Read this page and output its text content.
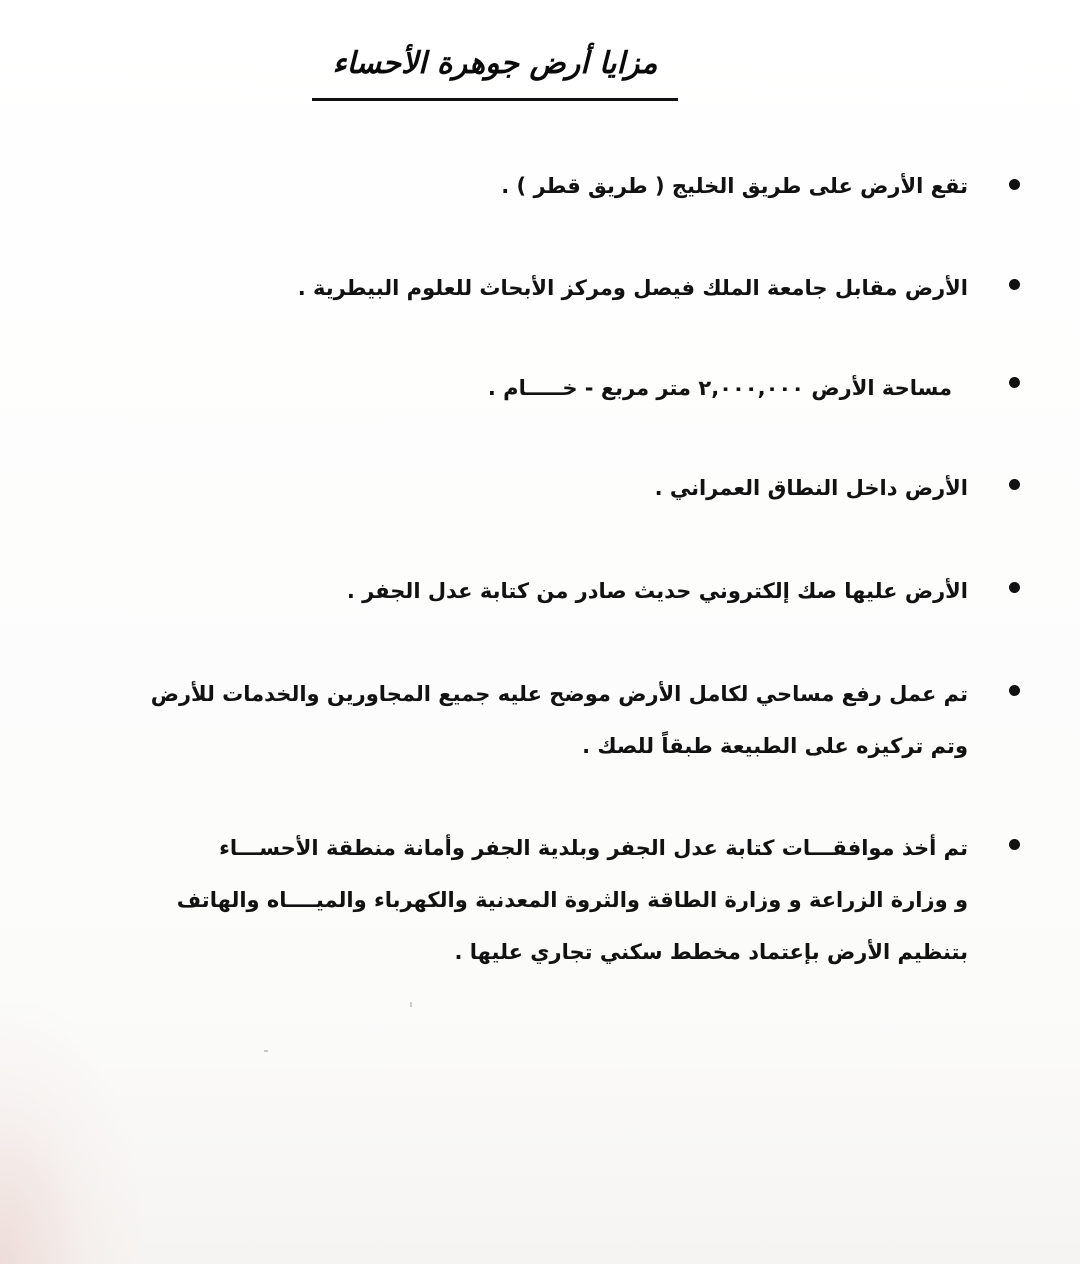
مزايا أرض جوهرة الأحساء
تقع الأرض على طريق الخليج ( طريق قطر ) .
الأرض مقابل جامعة الملك فيصل ومركز الأبحاث للعلوم البيطرية .
مساحة الأرض ٢,٠٠٠,٠٠٠ متر مربع - خـــــام .
الأرض داخل النطاق العمراني .
الأرض عليها صك إلكتروني حديث صادر من كتابة عدل الجفر .
تم عمل رفع مساحي لكامل الأرض موضح عليه جميع المجاورين والخدمات للأرض
وتم تركيزه على الطبيعة طبقاً للصك .
تم أخذ موافقـــات كتابة عدل الجفر وبلدية الجفر وأمانة منطقة الأحســـاء
و وزارة الزراعة و وزارة الطاقة والثروة المعدنية والكهرباء والميــــاه والهاتف
بتنظيم الأرض بإعتماد مخطط سكني تجاري عليها .
